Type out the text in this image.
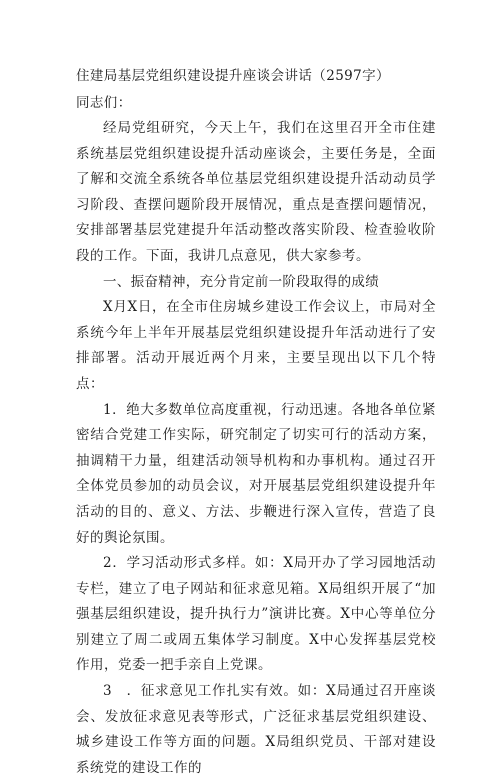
住建局基层党组织建设提升座谈会讲话（2597字）
同志们：

经局党组研究，今天上午，我们在这里召开全市住建系统基层党组织建设提升活动座谈会，主要任务是，全面了解和交流全系统各单位基层党组织建设提升活动动员学习阶段、查摆问题阶段开展情况，重点是查摆问题情况，安排部署基层党建提升年活动整改落实阶段、检查验收阶段的工作。下面，我讲几点意见，供大家参考。

一、振奋精神，充分肯定前一阶段取得的成绩

X月X日，在全市住房城乡建设工作会议上，市局对全系统今年上半年开展基层党组织建设提升年活动进行了安排部署。活动开展近两个月来，主要呈现出以下几个特点：

1．绝大多数单位高度重视，行动迅速。各地各单位紧密结合党建工作实际，研究制定了切实可行的活动方案，抽调精干力量，组建活动领导机构和办事机构。通过召开全体党员参加的动员会议，对开展基层党组织建设提升年活动的目的、意义、方法、步鞭进行深入宣传，营造了良好的舆论氛围。

2．学习活动形式多样。如：X局开办了学习园地活动专栏，建立了电子网站和征求意见箱。X局组织开展了“加强基层组织建设，提升执行力”演讲比赛。X中心等单位分别建立了周二或周五集体学习制度。X中心发挥基层党校作用，党委一把手亲自上党课。

3　．征求意见工作扎实有效。如：X局通过召开座谈会、发放征求意见表等形式，广泛征求基层党组织建设、城乡建设工作等方面的问题。X局组织党员、干部对建设系统党的建设工作的
